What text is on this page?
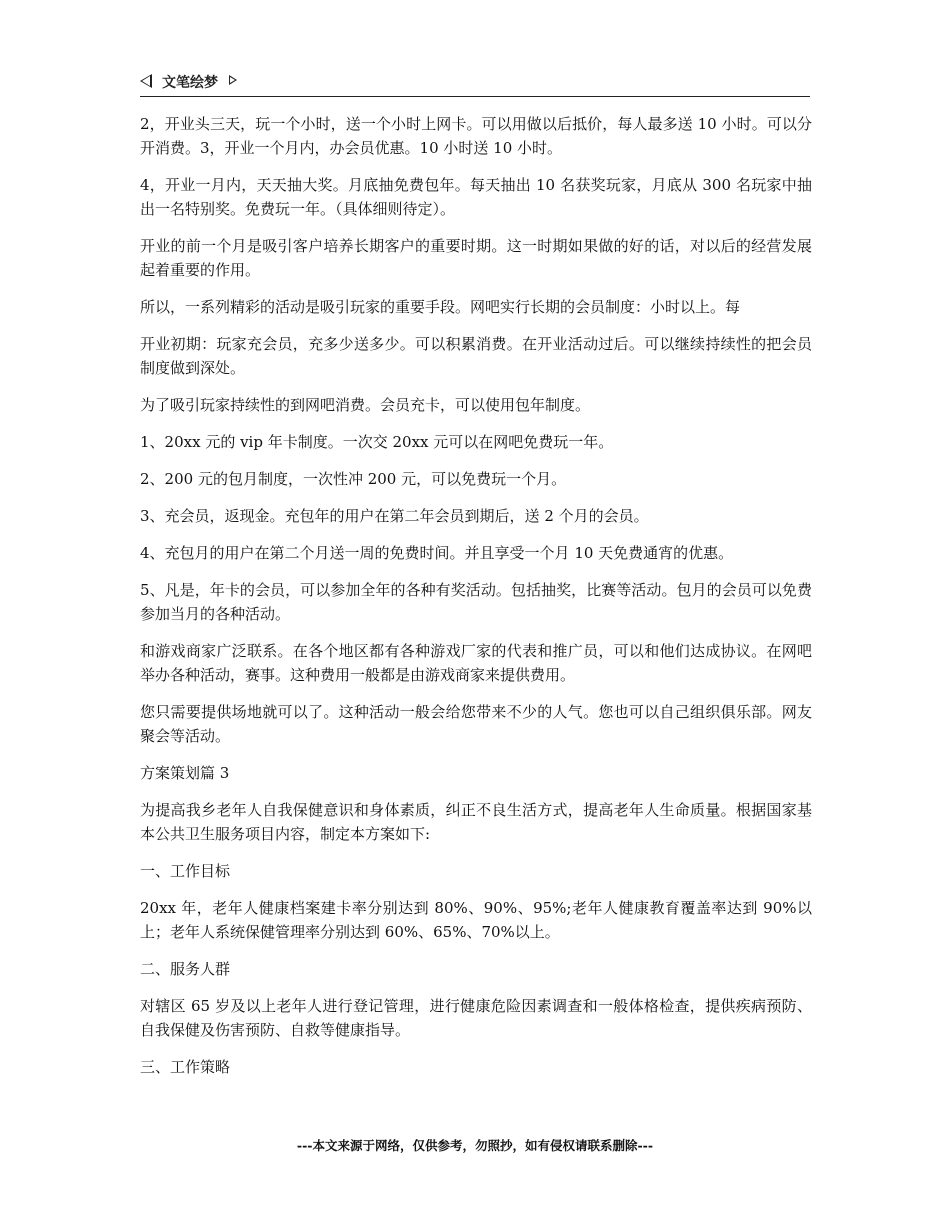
文笔绘梦

2，开业头三天，玩一个小时，送一个小时上网卡。可以用做以后抵价，每人最多送 10 小时。可以分开消费。3，开业一个月内，办会员优惠。10 小时送 10 小时。

4，开业一月内，天天抽大奖。月底抽免费包年。每天抽出 10 名获奖玩家，月底从 300 名玩家中抽出一名特别奖。免费玩一年。（具体细则待定）。

开业的前一个月是吸引客户培养长期客户的重要时期。这一时期如果做的好的话，对以后的经营发展起着重要的作用。

所以，一系列精彩的活动是吸引玩家的重要手段。网吧实行长期的会员制度：小时以上。每

开业初期：玩家充会员，充多少送多少。可以积累消费。在开业活动过后。可以继续持续性的把会员制度做到深处。

为了吸引玩家持续性的到网吧消费。会员充卡，可以使用包年制度。

1、20xx 元的 vip 年卡制度。一次交 20xx 元可以在网吧免费玩一年。

2、200 元的包月制度，一次性冲 200 元，可以免费玩一个月。

3、充会员，返现金。充包年的用户在第二年会员到期后，送 2 个月的会员。

4、充包月的用户在第二个月送一周的免费时间。并且享受一个月 10 天免费通宵的优惠。

5、凡是，年卡的会员，可以参加全年的各种有奖活动。包括抽奖，比赛等活动。包月的会员可以免费参加当月的各种活动。

和游戏商家广泛联系。在各个地区都有各种游戏厂家的代表和推广员，可以和他们达成协议。在网吧举办各种活动，赛事。这种费用一般都是由游戏商家来提供费用。

您只需要提供场地就可以了。这种活动一般会给您带来不少的人气。您也可以自己组织俱乐部。网友聚会等活动。

方案策划篇 3

为提高我乡老年人自我保健意识和身体素质，纠正不良生活方式，提高老年人生命质量。根据国家基本公共卫生服务项目内容，制定本方案如下:

一、工作目标

20xx 年，老年人健康档案建卡率分别达到 80%、90%、95%;老年人健康教育覆盖率达到 90%以上；老年人系统保健管理率分别达到 60%、65%、70%以上。

二、服务人群

对辖区 65 岁及以上老年人进行登记管理，进行健康危险因素调查和一般体格检查，提供疾病预防、自我保健及伤害预防、自救等健康指导。

三、工作策略

---本文来源于网络，仅供参考，勿照抄，如有侵权请联系删除---
